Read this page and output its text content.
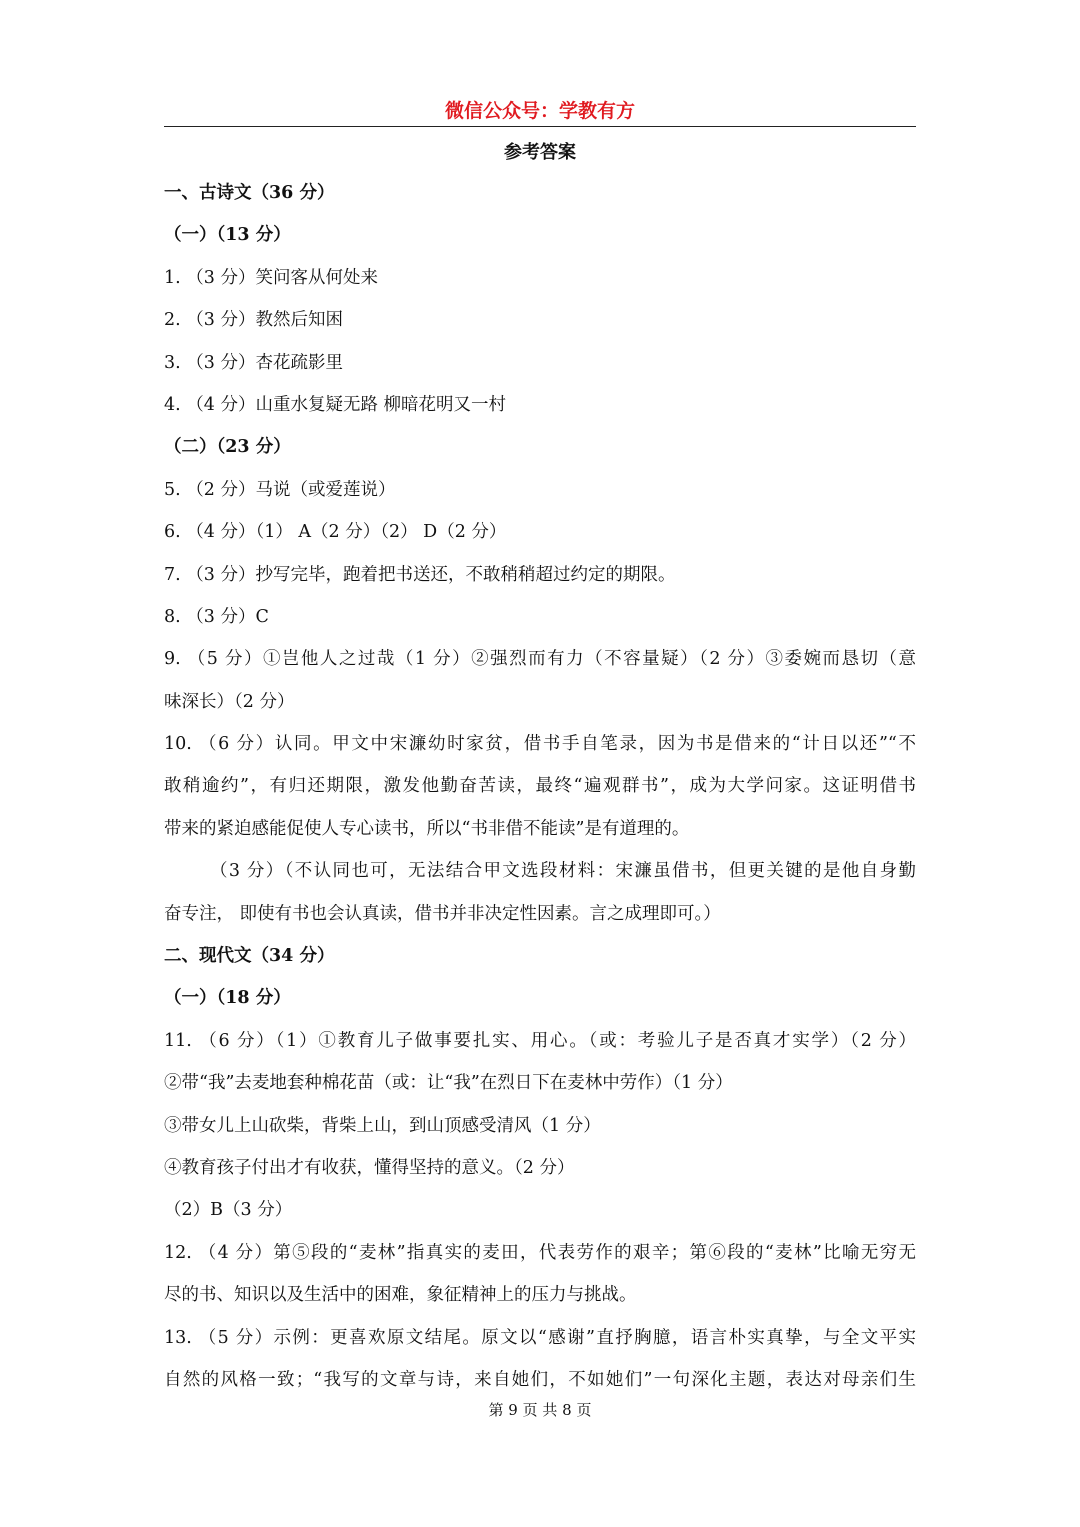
微信公众号：学教有方
参考答案
一、古诗文（36 分）
（一）（13 分）
1. （3 分）笑问客从何处来
2. （3 分）教然后知困
3. （3 分）杏花疏影里
4. （4 分）山重水复疑无路 柳暗花明又一村
（二）（23 分）
5. （2 分）马说（或爱莲说）
6. （4 分）（1） A（2 分）（2） D（2 分）
7. （3 分）抄写完毕，跑着把书送还，不敢稍稍超过约定的期限。
8. （3 分）C
9. （5 分）①岂他人之过哉（1 分）②强烈而有力（不容量疑）（2 分）③委婉而恳切（意
味深长）（2 分）
10. （6 分）认同。甲文中宋濂幼时家贫，借书手自笔录，因为书是借来的“计日以还”“不
敢稍逾约”，有归还期限，激发他勤奋苦读，最终“遍观群书”，成为大学问家。这证明借书
带来的紧迫感能促使人专心读书，所以“书非借不能读”是有道理的。
（3 分）（不认同也可，无法结合甲文选段材料：宋濂虽借书，但更关键的是他自身勤
奋专注， 即使有书也会认真读，借书并非决定性因素。言之成理即可。）
二、现代文（34 分）
（一）（18 分）
11. （6 分）（1）①教育儿子做事要扎实、用心。（或：考验儿子是否真才实学）（2 分）
②带“我”去麦地套种棉花苗（或：让“我”在烈日下在麦林中劳作）（1 分）
③带女儿上山砍柴，背柴上山，到山顶感受清风（1 分）
④教育孩子付出才有收获，懂得坚持的意义。（2 分）
（2）B（3 分）
12. （4 分）第⑤段的“麦林”指真实的麦田，代表劳作的艰辛；第⑥段的“麦林”比喻无穷无
尽的书、知识以及生活中的困难，象征精神上的压力与挑战。
13. （5 分）示例：更喜欢原文结尾。原文以“感谢”直抒胸臆，语言朴实真挚，与全文平实
自然的风格一致；“我写的文章与诗，来自她们，不如她们”一句深化主题，表达对母亲们生
第 9 页 共 8 页
